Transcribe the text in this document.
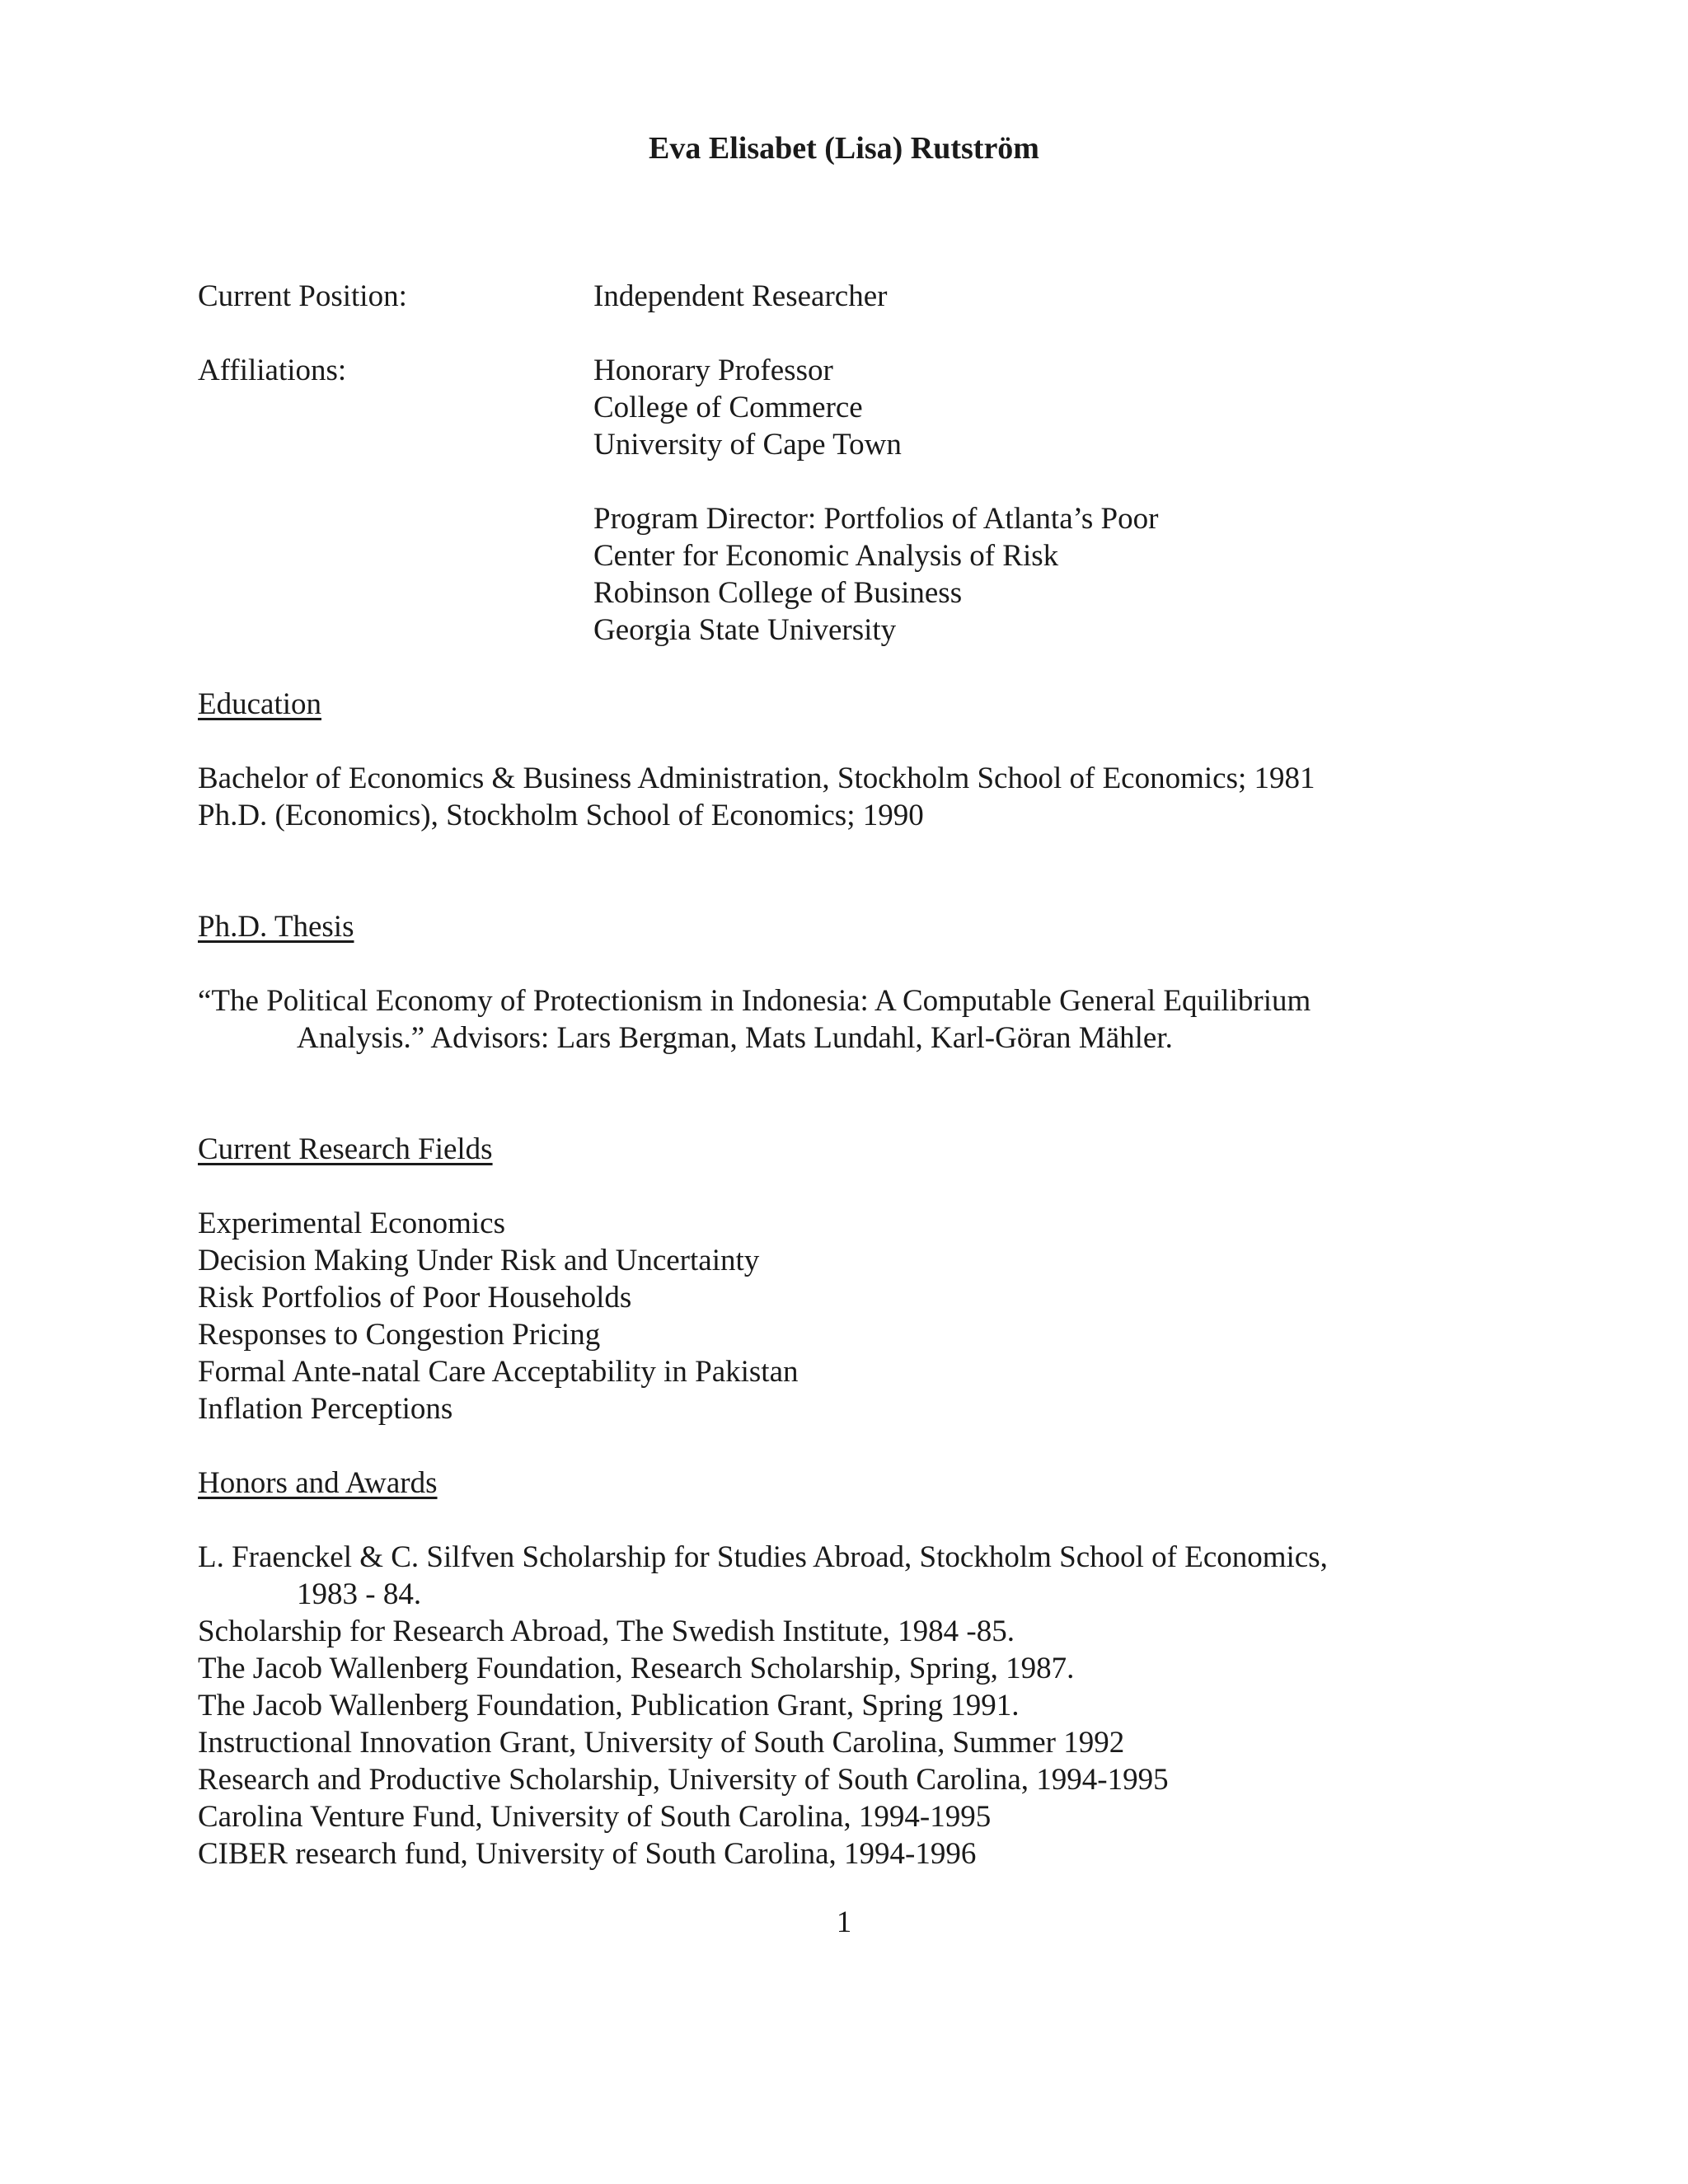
Eva Elisabet (Lisa) Rutström
Current Position:	Independent Researcher
Affiliations:	Honorary Professor
College of Commerce
University of Cape Town
Program Director: Portfolios of Atlanta’s Poor
Center for Economic Analysis of Risk
Robinson College of Business
Georgia State University
Education
Bachelor of Economics & Business Administration, Stockholm School of Economics; 1981
Ph.D. (Economics), Stockholm School of Economics; 1990
Ph.D. Thesis
“The Political Economy of Protectionism in Indonesia: A Computable General Equilibrium
Analysis.” Advisors: Lars Bergman, Mats Lundahl, Karl-Göran Mähler.
Current Research Fields
Experimental Economics
Decision Making Under Risk and Uncertainty
Risk Portfolios of Poor Households
Responses to Congestion Pricing
Formal Ante-natal Care Acceptability in Pakistan
Inflation Perceptions
Honors and Awards
L. Fraenckel & C. Silfven Scholarship for Studies Abroad, Stockholm School of Economics,
1983 - 84.
Scholarship for Research Abroad, The Swedish Institute, 1984 -85.
The Jacob Wallenberg Foundation, Research Scholarship, Spring, 1987.
The Jacob Wallenberg Foundation, Publication Grant, Spring 1991.
Instructional Innovation Grant, University of South Carolina, Summer 1992
Research and Productive Scholarship, University of South Carolina, 1994-1995
Carolina Venture Fund, University of South Carolina, 1994-1995
CIBER research fund, University of South Carolina, 1994-1996
1
